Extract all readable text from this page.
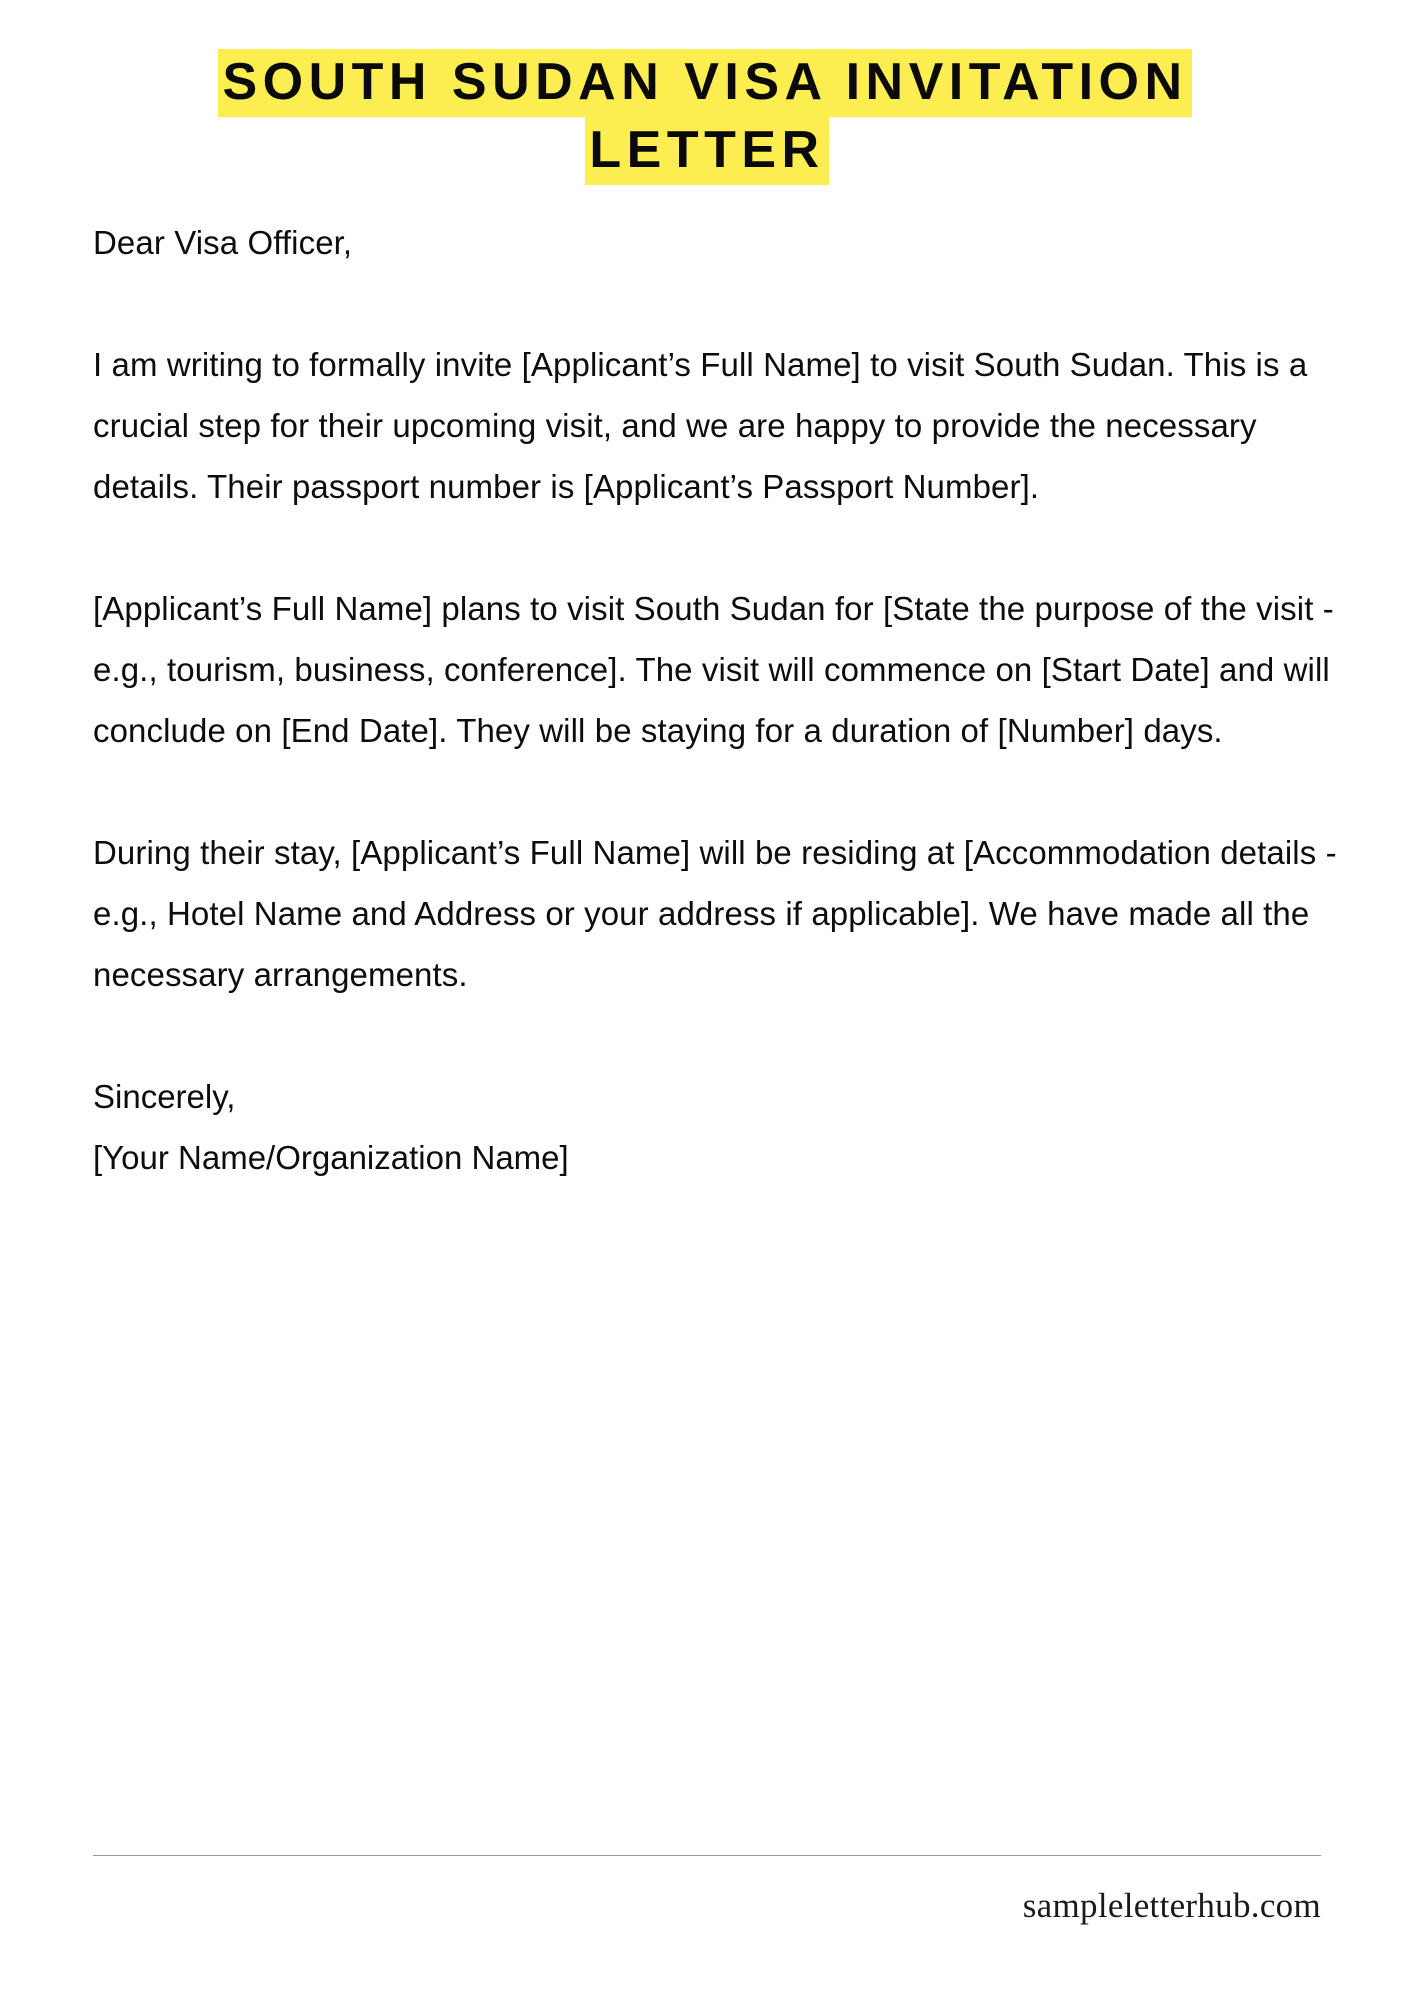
SOUTH SUDAN VISA INVITATION LETTER

Dear Visa Officer,

I am writing to formally invite [Applicant’s Full Name] to visit South Sudan. This is a crucial step for their upcoming visit, and we are happy to provide the necessary details. Their passport number is [Applicant’s Passport Number].

[Applicant’s Full Name] plans to visit South Sudan for [State the purpose of the visit - e.g., tourism, business, conference]. The visit will commence on [Start Date] and will conclude on [End Date]. They will be staying for a duration of [Number] days.

During their stay, [Applicant’s Full Name] will be residing at [Accommodation details - e.g., Hotel Name and Address or your address if applicable]. We have made all the necessary arrangements.

Sincerely,

[Your Name/Organization Name]

sampleletterhub.com
